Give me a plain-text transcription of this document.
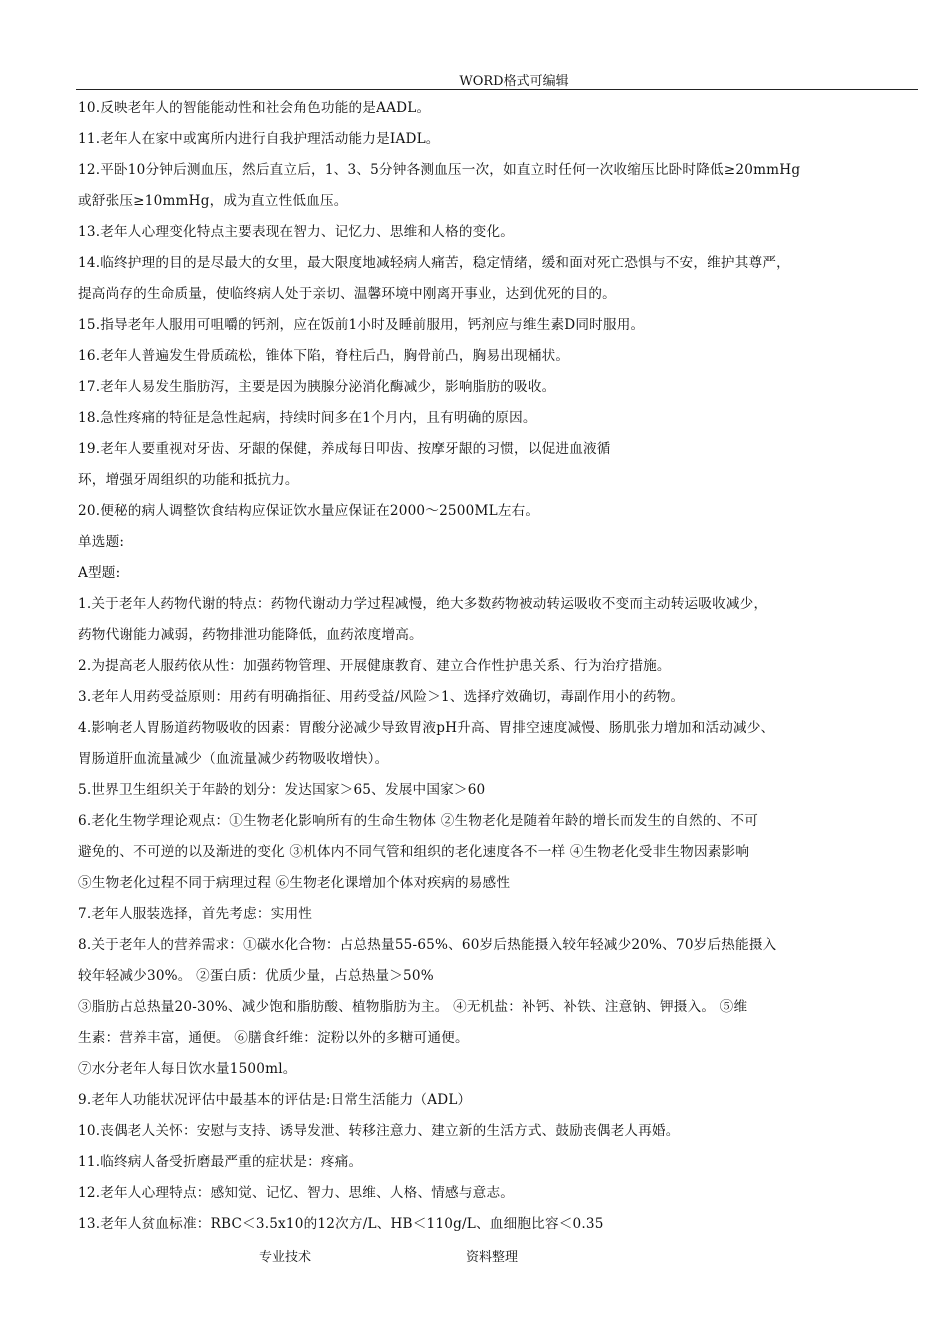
WORD格式可编辑
10.反映老年人的智能能动性和社会角色功能的是AADL。
11.老年人在家中或寓所内进行自我护理活动能力是IADL。
12.平卧10分钟后测血压，然后直立后，1、3、5分钟各测血压一次，如直立时任何一次收缩压比卧时降低≥20mmHg
或舒张压≥10mmHg，成为直立性低血压。
13.老年人心理变化特点主要表现在智力、记忆力、思维和人格的变化。
14.临终护理的目的是尽最大的女里，最大限度地减轻病人痛苦，稳定情绪，缓和面对死亡恐惧与不安，维护其尊严，
提高尚存的生命质量，使临终病人处于亲切、温馨环境中刚离开事业，达到优死的目的。
15.指导老年人服用可咀嚼的钙剂，应在饭前1小时及睡前服用，钙剂应与维生素D同时服用。
16.老年人普遍发生骨质疏松，锥体下陷，脊柱后凸，胸骨前凸，胸易出现桶状。
17.老年人易发生脂肪泻，主要是因为胰腺分泌消化酶减少，影响脂肪的吸收。
18.急性疼痛的特征是急性起病，持续时间多在1个月内，且有明确的原因。
19.老年人要重视对牙齿、牙龈的保健，养成每日叩齿、按摩牙龈的习惯，以促进血液循
环，增强牙周组织的功能和抵抗力。
20.便秘的病人调整饮食结构应保证饮水量应保证在2000～2500ML左右。
单选题:
A型题:
1.关于老年人药物代谢的特点：药物代谢动力学过程减慢，绝大多数药物被动转运吸收不变而主动转运吸收减少，
药物代谢能力减弱，药物排泄功能降低，血药浓度增高。
2.为提高老人服药依从性：加强药物管理、开展健康教育、建立合作性护患关系、行为治疗措施。
3.老年人用药受益原则：用药有明确指征、用药受益/风险＞1、选择疗效确切，毒副作用小的药物。
4.影响老人胃肠道药物吸收的因素：胃酸分泌减少导致胃液pH升高、胃排空速度减慢、肠肌张力增加和活动减少、
胃肠道肝血流量减少（血流量减少药物吸收增快）。
5.世界卫生组织关于年龄的划分：发达国家＞65、发展中国家＞60
6.老化生物学理论观点：①生物老化影响所有的生命生物体 ②生物老化是随着年龄的增长而发生的自然的、不可
避免的、不可逆的以及渐进的变化 ③机体内不同气管和组织的老化速度各不一样 ④生物老化受非生物因素影响
⑤生物老化过程不同于病理过程 ⑥生物老化课增加个体对疾病的易感性
7.老年人服装选择，首先考虑：实用性
8.关于老年人的营养需求：①碳水化合物：占总热量55-65%、60岁后热能摄入较年轻减少20%、70岁后热能摄入
较年轻减少30%。 ②蛋白质：优质少量，占总热量＞50%
③脂肪占总热量20-30%、减少饱和脂肪酸、植物脂肪为主。 ④无机盐：补钙、补铁、注意钠、钾摄入。 ⑤维
生素：营养丰富，通便。 ⑥膳食纤维：淀粉以外的多糖可通便。
⑦水分老年人每日饮水量1500ml。
9.老年人功能状况评估中最基本的评估是:日常生活能力（ADL）
10.丧偶老人关怀：安慰与支持、诱导发泄、转移注意力、建立新的生活方式、鼓励丧偶老人再婚。
11.临终病人备受折磨最严重的症状是：疼痛。
12.老年人心理特点：感知觉、记忆、智力、思维、人格、情感与意志。
13.老年人贫血标准：RBC＜3.5x10的12次方/L、HB＜110g/L、血细胞比容＜0.35
专业技术	资料整理
